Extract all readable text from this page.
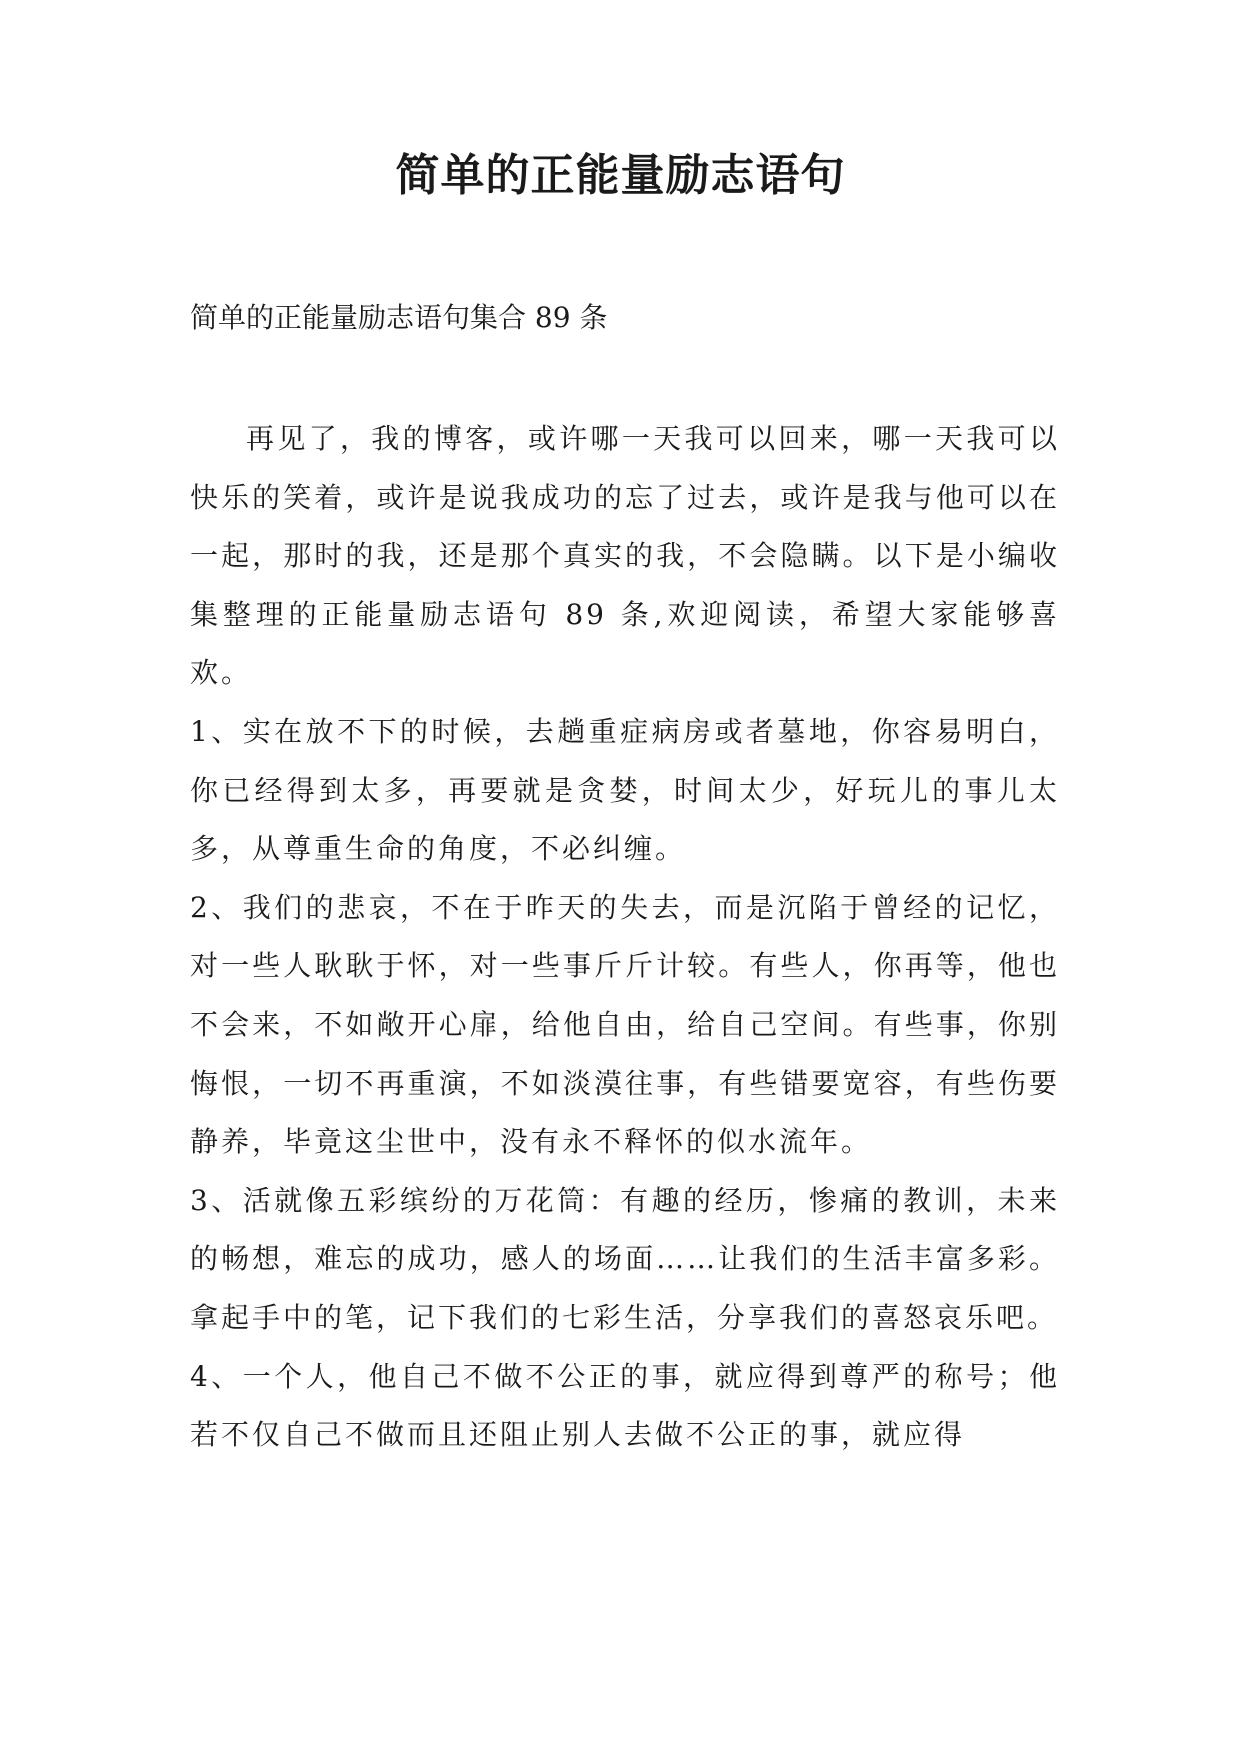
简单的正能量励志语句

简单的正能量励志语句集合 89 条

再见了，我的博客，或许哪一天我可以回来，哪一天我可以快乐的笑着，或许是说我成功的忘了过去，或许是我与他可以在一起，那时的我，还是那个真实的我，不会隐瞒。以下是小编收集整理的正能量励志语句 89 条,欢迎阅读，希望大家能够喜欢。

1、实在放不下的时候，去趟重症病房或者墓地，你容易明白，你已经得到太多，再要就是贪婪，时间太少，好玩儿的事儿太多，从尊重生命的角度，不必纠缠。

2、我们的悲哀，不在于昨天的失去，而是沉陷于曾经的记忆，对一些人耿耿于怀，对一些事斤斤计较。有些人，你再等，他也不会来，不如敞开心扉，给他自由，给自己空间。有些事，你别悔恨，一切不再重演，不如淡漠往事，有些错要宽容，有些伤要静养，毕竟这尘世中，没有永不释怀的似水流年。

3、活就像五彩缤纷的万花筒：有趣的经历，惨痛的教训，未来的畅想，难忘的成功，感人的场面……让我们的生活丰富多彩。拿起手中的笔，记下我们的七彩生活，分享我们的喜怒哀乐吧。

4、一个人，他自己不做不公正的事，就应得到尊严的称号；他若不仅自己不做而且还阻止别人去做不公正的事，就应得
